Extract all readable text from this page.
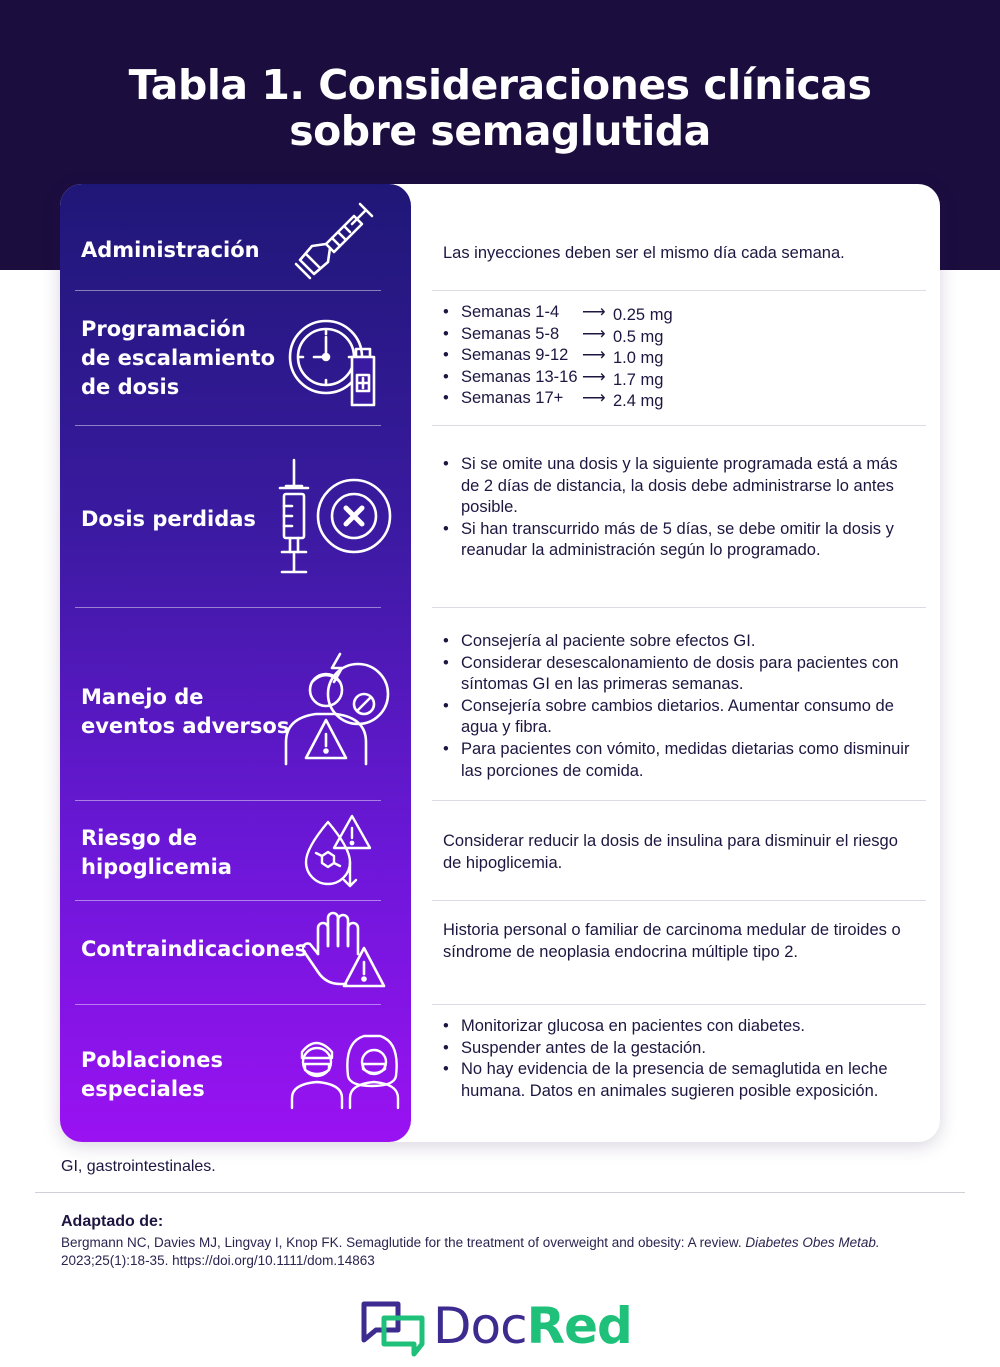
Tabla 1. Consideraciones clínicas
sobre semaglutida
Administración	Las inyecciones deben ser el mismo día cada semana.
Programación
de escalamiento
de dosis
• Semanas 1-4 ⟶ 0.25 mg
• Semanas 5-8 ⟶ 0.5 mg
• Semanas 9-12 ⟶ 1.0 mg
• Semanas 13-16 ⟶ 1.7 mg
• Semanas 17+ ⟶ 2.4 mg
Dosis perdidas
• Si se omite una dosis y la siguiente programada está a más de 2 días de distancia, la dosis debe administrarse lo antes posible.
• Si han transcurrido más de 5 días, se debe omitir la dosis y reanudar la administración según lo programado.
Manejo de
eventos adversos
• Consejería al paciente sobre efectos GI.
• Considerar desescalonamiento de dosis para pacientes con síntomas GI en las primeras semanas.
• Consejería sobre cambios dietarios. Aumentar consumo de agua y fibra.
• Para pacientes con vómito, medidas dietarias como disminuir las porciones de comida.
Riesgo de
hipoglicemia
Considerar reducir la dosis de insulina para disminuir el riesgo de hipoglicemia.
Contraindicaciones
Historia personal o familiar de carcinoma medular de tiroides o síndrome de neoplasia endocrina múltiple tipo 2.
Poblaciones
especiales
• Monitorizar glucosa en pacientes con diabetes.
• Suspender antes de la gestación.
• No hay evidencia de la presencia de semaglutida en leche humana. Datos en animales sugieren posible exposición.
GI, gastrointestinales.
Adaptado de:
Bergmann NC, Davies MJ, Lingvay I, Knop FK. Semaglutide for the treatment of overweight and obesity: A review. Diabetes Obes Metab. 2023;25(1):18-35. https://doi.org/10.1111/dom.14863
DocRed
